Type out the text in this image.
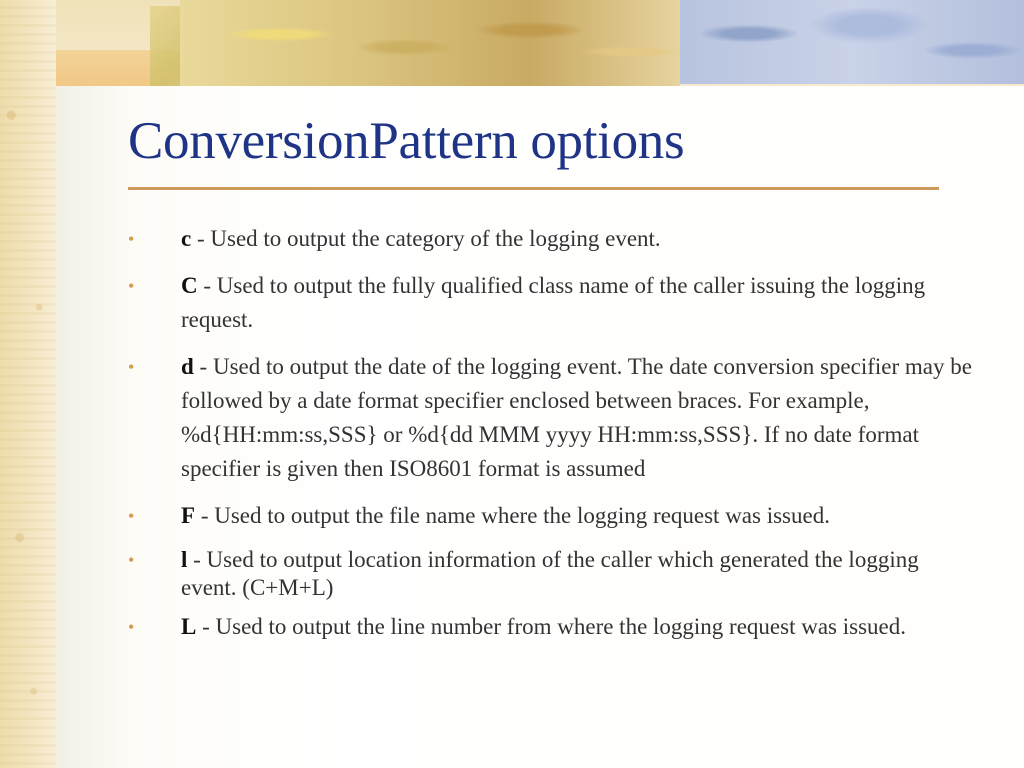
ConversionPattern options
• c - Used to output the category of the logging event.
• C - Used to output the fully qualified class name of the caller issuing the logging request.
• d - Used to output the date of the logging event. The date conversion specifier may be followed by a date format specifier enclosed between braces. For example, %d{HH:mm:ss,SSS} or %d{dd MMM yyyy HH:mm:ss,SSS}. If no date format specifier is given then ISO8601 format is assumed
• F - Used to output the file name where the logging request was issued.
• l - Used to output location information of the caller which generated the logging event. (C+M+L)
• L - Used to output the line number from where the logging request was issued.
